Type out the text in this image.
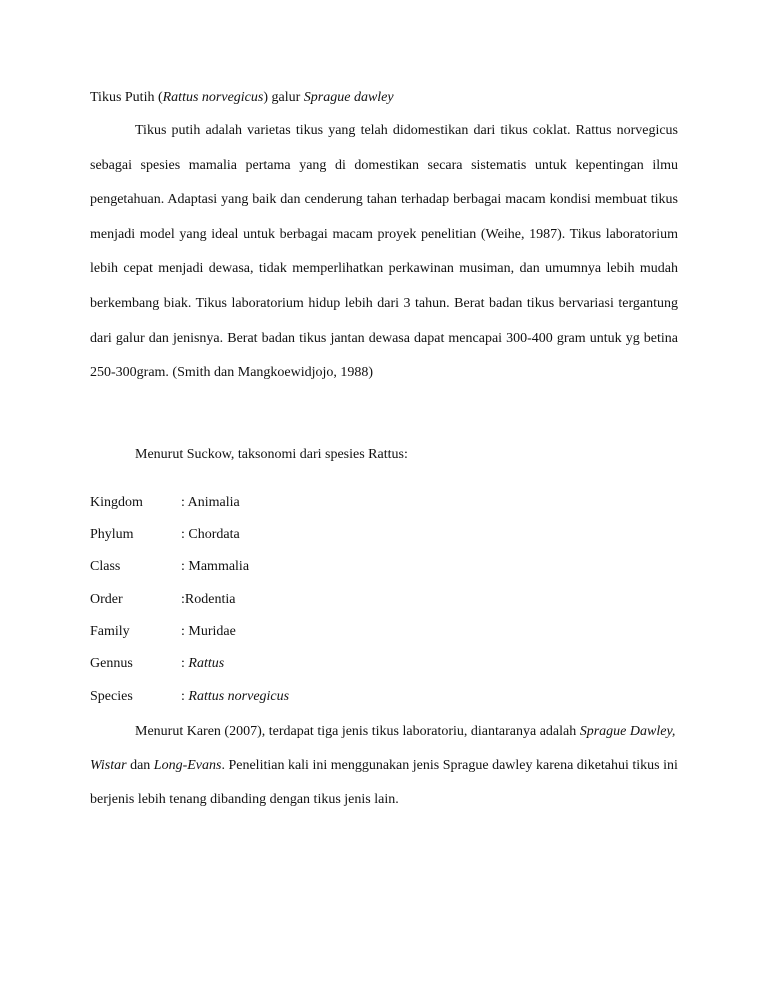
Tikus Putih (Rattus norvegicus) galur Sprague dawley

Tikus putih adalah varietas tikus yang telah didomestikan dari tikus coklat. Rattus norvegicus sebagai spesies mamalia pertama yang di domestikan secara sistematis untuk kepentingan ilmu pengetahuan. Adaptasi yang baik dan cenderung tahan terhadap berbagai macam kondisi membuat tikus menjadi model yang ideal untuk berbagai macam proyek penelitian (Weihe, 1987). Tikus laboratorium lebih cepat menjadi dewasa, tidak memperlihatkan perkawinan musiman, dan umumnya lebih mudah berkembang biak. Tikus laboratorium hidup lebih dari 3 tahun. Berat badan tikus bervariasi tergantung dari galur dan jenisnya. Berat badan tikus jantan dewasa dapat mencapai 300-400 gram untuk yg betina 250-300gram. (Smith dan Mangkoewidjojo, 1988)

Menurut Suckow, taksonomi dari spesies Rattus:
Kingdom	: Animalia
Phylum	: Chordata
Class	: Mammalia
Order	:Rodentia
Family	: Muridae
Gennus	: Rattus
Species	: Rattus norvegicus

Menurut Karen (2007), terdapat tiga jenis tikus laboratoriu, diantaranya adalah Sprague Dawley, Wistar dan Long-Evans. Penelitian kali ini menggunakan jenis Sprague dawley karena diketahui tikus ini berjenis lebih tenang dibanding dengan tikus jenis lain.
